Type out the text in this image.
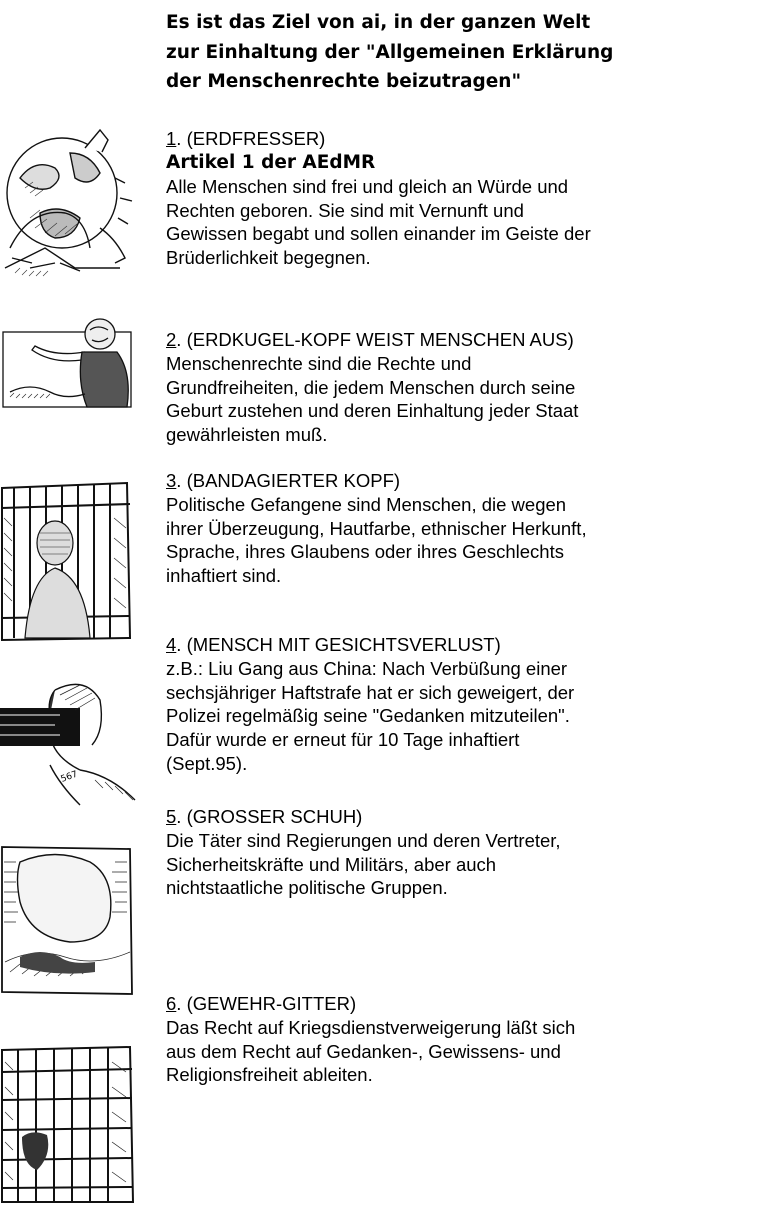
Es ist das Ziel von ai, in der ganzen Welt
zur Einhaltung der "Allgemeinen Erklärung
der Menschenrechte beizutragen"
1. (ERDFRESSER)
Artikel 1 der AEdMR
Alle Menschen sind frei und gleich an Würde und
Rechten geboren. Sie sind mit Vernunft und
Gewissen begabt und sollen einander im Geiste der
Brüderlichkeit begegnen.
2. (ERDKUGEL-KOPF WEIST MENSCHEN AUS)
Menschenrechte sind die Rechte und
Grundfreiheiten, die jedem Menschen durch seine
Geburt zustehen und deren Einhaltung jeder Staat
gewährleisten muß.
3. (BANDAGIERTER KOPF)
Politische Gefangene sind Menschen, die wegen
ihrer Überzeugung, Hautfarbe, ethnischer Herkunft,
Sprache, ihres Glaubens oder ihres Geschlechts
inhaftiert sind.
567
4. (MENSCH MIT GESICHTSVERLUST)
z.B.: Liu Gang aus China: Nach Verbüßung einer
sechsjähriger Haftstrafe hat er sich geweigert, der
Polizei regelmäßig seine "Gedanken mitzuteilen".
Dafür wurde er erneut für 10 Tage inhaftiert
(Sept.95).
5. (GROSSER SCHUH)
Die Täter sind Regierungen und deren Vertreter,
Sicherheitskräfte und Militärs, aber auch
nichtstaatliche politische Gruppen.
6. (GEWEHR-GITTER)
Das Recht auf Kriegsdienstverweigerung läßt sich
aus dem Recht auf Gedanken-, Gewissens- und
Religionsfreiheit ableiten.
